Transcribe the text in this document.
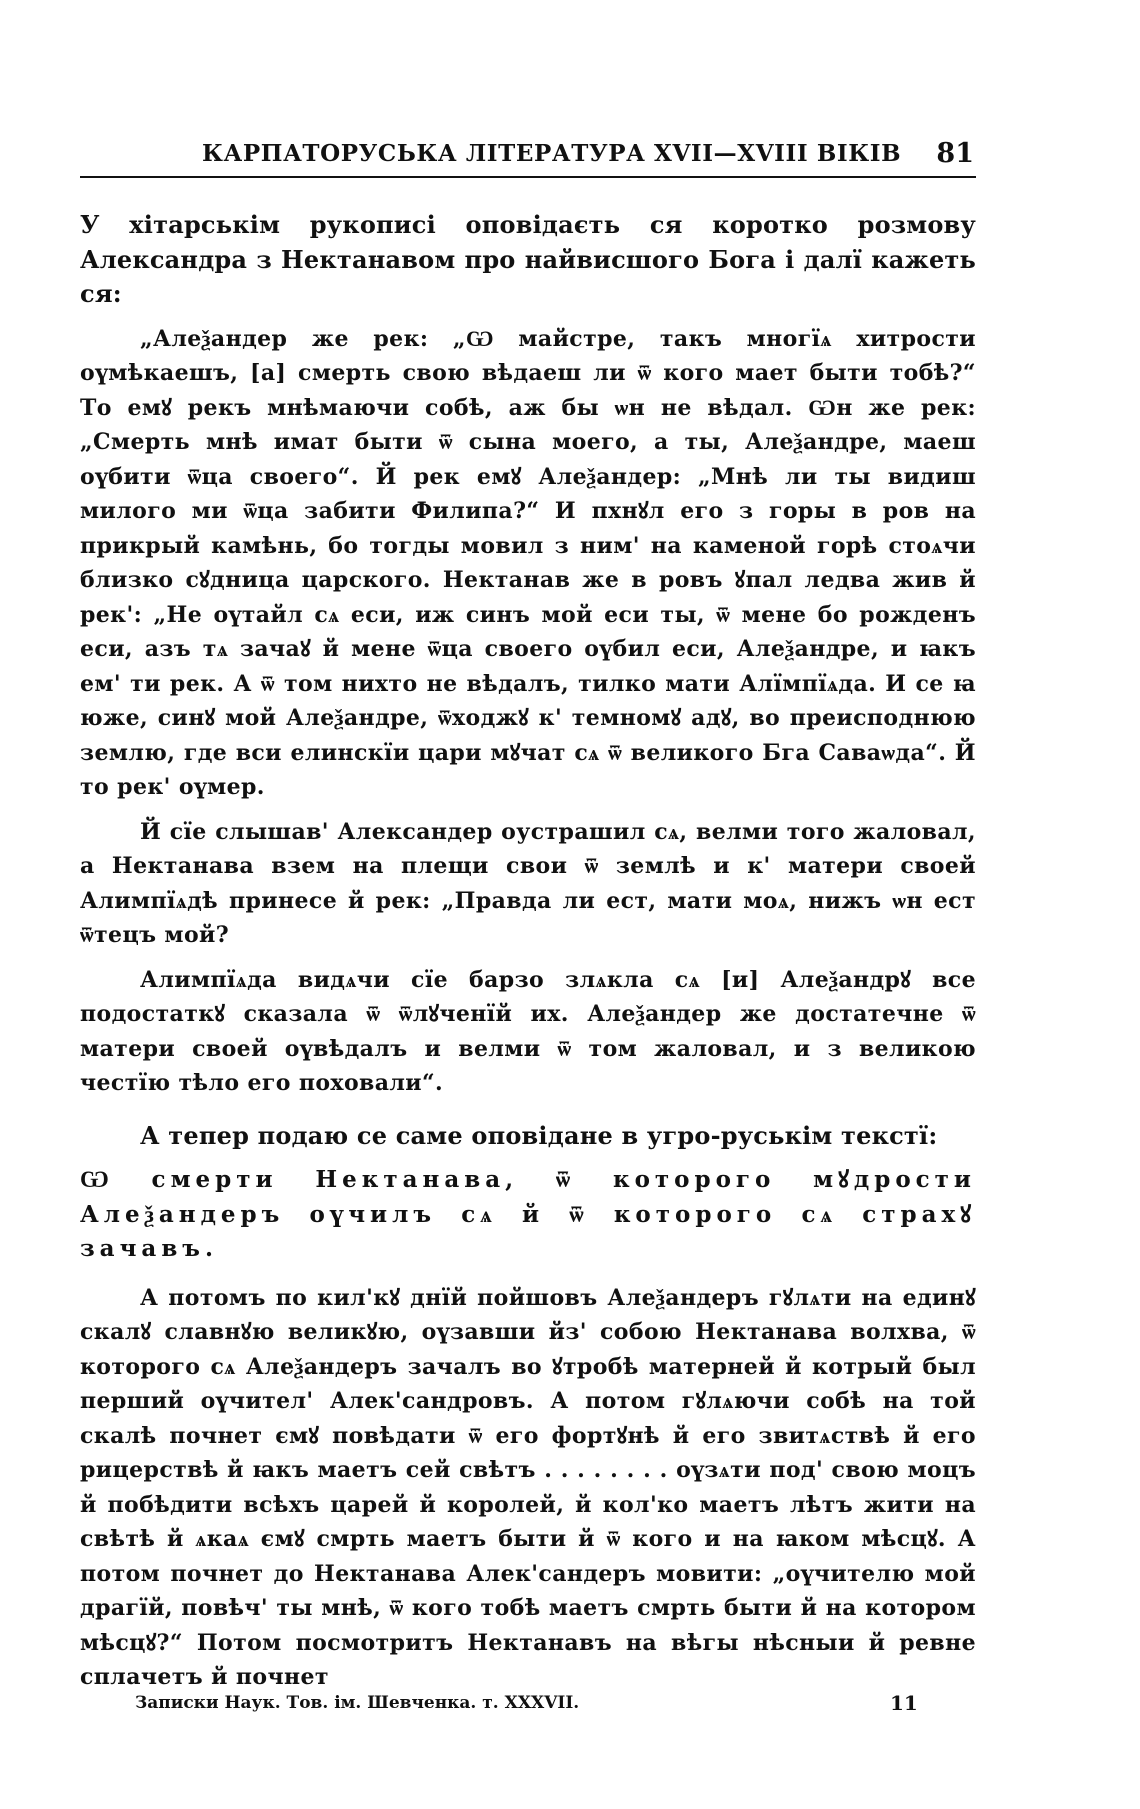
КАРПАТОРУСЬКА ЛІТЕРАТУРА XVII—XVIII ВІКІВ 81

У хітарськім рукописі оповідаєть ся коротко розмову Александра з Нектанавом про найвисшого Бога і далї кажеть ся:

„Алеѯандер же рек: „Ѡ майстре, такъ многїѧ хитрости оүмѣкаешъ, [а] смерть свою вѣдаеш ли ѿ кого мает быти тобѣ?“ То емꙋ рекъ мнѣмаючи собѣ, аж бы ѡн не вѣдал. Ѡн же рек: „Смерть мнѣ имат быти ѿ сына моего, а ты, Алеѯандре, маеш оүбити ѿца своего“. Й рек емꙋ Алеѯандер: „Мнѣ ли ты видиш милого ми ѿца забити Филипа?“ И пхнꙋл его з горы в ров на прикрый камѣнь, бо тогды мовил з ним' на каменой горѣ стоѧчи близко сꙋдница царского. Нектанав же в ровъ ꙋпал ледва жив й рек': „Не оүтайл сѧ еси, иж синъ мой еси ты, ѿ мене бо рожденъ еси, азъ тѧ зачаꙋ й мене ѿца своего оүбил еси, Алеѯандре, и ꙗкъ ем' ти рек. А ѿ том нихто не вѣдалъ, тилко мати Алїмпїѧда. И се ꙗ юже, синꙋ мой Алеѯандре, ѿходжꙋ к' темномꙋ адꙋ, во преисподнюю землю, где вси елинскїи цари мꙋчат сѧ ѿ великого Бга Саваѡда“. Й то рек' оүмер.

Й сїе слышав' Александер оустрашил сѧ, велми того жаловал, а Нектанава взем на плещи свои ѿ землѣ и к' матери своей Алимпїѧдѣ принесе й рек: „Правда ли ест, мати моѧ, нижъ ѡн ест ѿтецъ мой?

Алимпїѧда видѧчи сїе барзо злѧкла сѧ [и] Алеѯандрꙋ все подостаткꙋ сказала ѿ ѿлꙋченїй их. Алеѯандер же достатечне ѿ матери своей оүвѣдалъ и велми ѿ том жаловал, и з великою честїю тѣло его поховали“.

А тепер подаю се саме оповідане в угро-руськім текстї:

Ѡ смерти Нектанава, ѿ которого мꙋдрости Алеѯандеръ оүчилъ сѧ й ѿ которого сѧ страхꙋ зачавъ.

А потомъ по кил'кꙋ днїй пойшовъ Алеѯандеръ гꙋлѧти на единꙋ скалꙋ славнꙋю великꙋю, оүзавши йз' собою Нектанава волхва, ѿ которого сѧ Алеѯандеръ зачалъ во ꙋтробѣ матерней й котрый был перший оүчител' Алек'сандровъ. А потом гꙋлѧючи собѣ на той скалѣ почнет ємꙋ повѣдати ѿ его фортꙋнѣ й его звитѧствѣ й его рицерствѣ й ꙗкъ маетъ сей свѣтъ . . . . . . . . оүзѧти под' свою моцъ й побѣдити всѣхъ царей й королей, й кол'ко маетъ лѣтъ жити на свѣтѣ й ѧкаѧ ємꙋ смрть маетъ быти й ѿ кого и на ꙗком мѣсцꙋ. А потом почнет до Нектанава Алек'сандеръ мовити: „оүчителю мой драгїй, повѣч' ты мнѣ, ѿ кого тобѣ маетъ смрть быти й на котором мѣсцꙋ?“ Потом посмотритъ Нектанавъ на вѣгы нѣсныи й ревне сплачетъ й почнет

Записки Наук. Тов. ім. Шевченка. т. XXXVII.	11
